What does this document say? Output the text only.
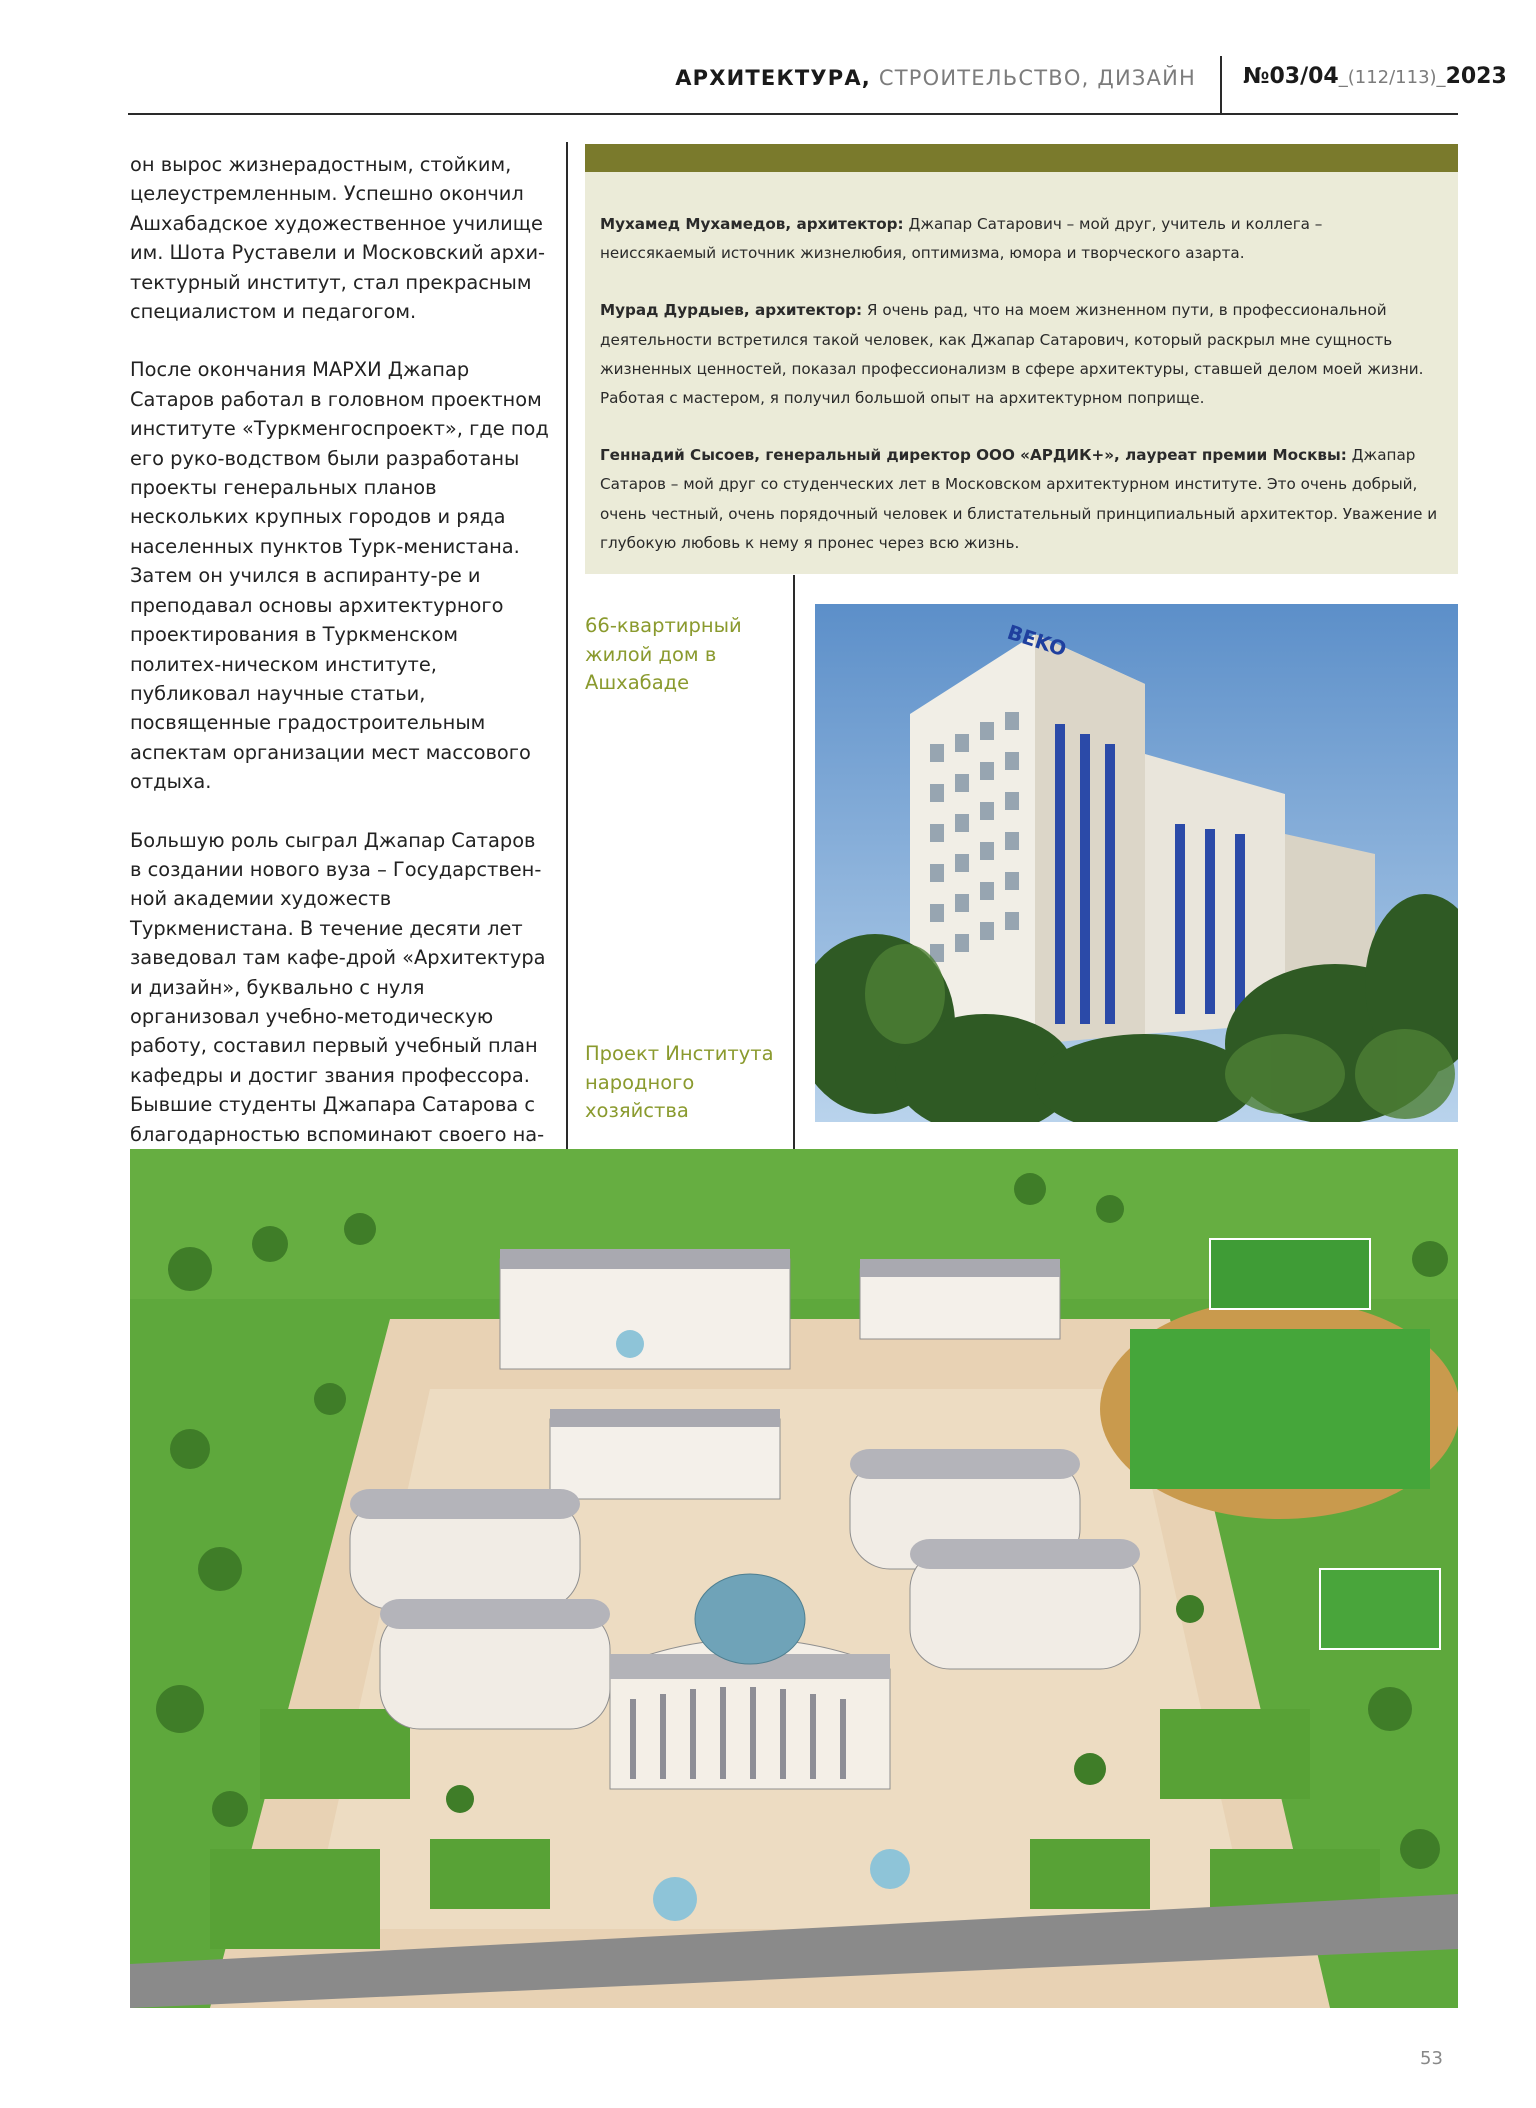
АРХИТЕКТУРА, СТРОИТЕЛЬСТВО, ДИЗАЙН №03/04_(112/113)_2023

он вырос жизнерадостным, стойким, целеустремленным. Успешно окончил Ашхабадское художественное училище им. Шота Руставели и Московский архи-тектурный институт, стал прекрасным специалистом и педагогом.

После окончания МАРХИ Джапар Сатаров работал в головном проектном институте «Туркменгоспроект», где под его руко-водством были разработаны проекты генеральных планов нескольких крупных городов и ряда населенных пунктов Турк-менистана. Затем он учился в аспиранту-ре и преподавал основы архитектурного проектирования в Туркменском политех-ническом институте, публиковал научные статьи, посвященные градостроительным аспектам организации мест массового отдыха.

Большую роль сыграл Джапар Сатаров в создании нового вуза – Государствен-ной академии художеств Туркменистана. В течение десяти лет заведовал там кафе-дрой «Архитектура и дизайн», буквально с нуля организовал учебно-методическую работу, составил первый учебный план кафедры и достиг звания профессора. Бывшие студенты Джапара Сатарова с благодарностью вспоминают своего на-

Мухамед Мухамедов, архитектор: Джапар Сатарович – мой друг, учитель и коллега – неиссякаемый источник жизнелюбия, оптимизма, юмора и творческого азарта.

Мурад Дурдыев, архитектор: Я очень рад, что на моем жизненном пути, в профессиональной деятельности встретился такой человек, как Джапар Сатарович, который раскрыл мне сущность жизненных ценностей, показал профессионализм в сфере архитектуры, ставшей делом моей жизни. Работая с мастером, я получил большой опыт на архитектурном поприще.

Геннадий Сысоев, генеральный директор ООО «АРДИК+», лауреат премии Москвы: Джапар Сатаров – мой друг со студенческих лет в Московском архитектурном институте. Это очень добрый, очень честный, очень порядочный человек и блистательный принципиальный архитектор. Уважение и глубокую любовь к нему я пронес через всю жизнь.

66-квартирный жилой дом в Ашхабаде
Проект Института народного хозяйства
BEKO
53
